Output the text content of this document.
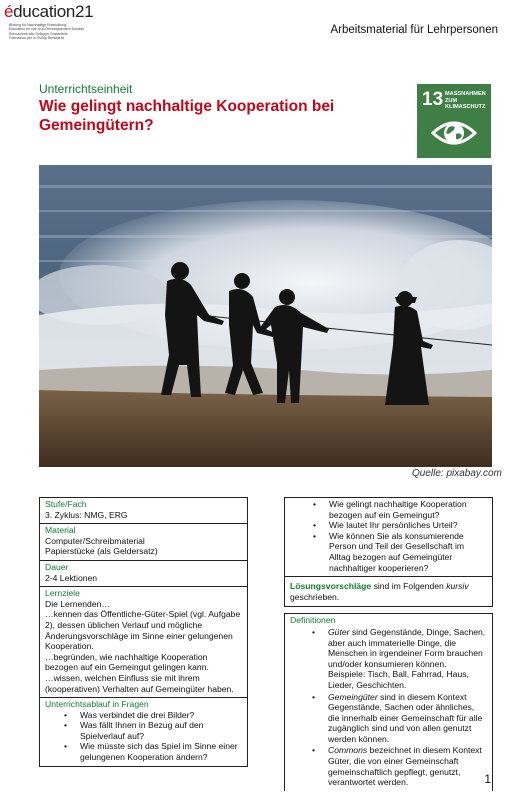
éducation21
Bildung für Nachhaltige Entwicklung
Education en vue d'un Développement Durable
Educazione allo Sviluppo Sostenibile
Formaziun per in Svilup Persistent
Arbeitsmaterial für Lehrpersonen
Unterrichtseinheit
Wie gelingt nachhaltige Kooperation bei Gemeingütern?
13 MASSNAHMEN ZUM KLIMASCHUTZ
Quelle: pixabay.com
Stufe/Fach
3. Zyklus: NMG, ERG
Material
Computer/Schreibmaterial
Papierstücke (als Geldersatz)
Dauer
2-4 Lektionen
Lernziele
Die Lernenden…
…kennen das Öffentliche-Güter-Spiel (vgl. Aufgabe 2), dessen üblichen Verlauf und mögliche Änderungsvorschläge im Sinne einer gelungenen Kooperation.
…begründen, wie nachhaltige Kooperation bezogen auf ein Gemeingut gelingen kann.
…wissen, welchen Einfluss sie mit ihrem (kooperativen) Verhalten auf Gemeingüter haben.
Unterrichtsablauf in Fragen
• Was verbindet die drei Bilder?
• Was fällt Ihnen in Bezug auf den Spielverlauf auf?
• Wie müsste sich das Spiel im Sinne einer gelungenen Kooperation ändern?
• Wie gelingt nachhaltige Kooperation bezogen auf ein Gemeingut?
• Wie lautet Ihr persönliches Urteil?
• Wie können Sie als konsumierende Person und Teil der Gesellschaft im Alltag bezogen auf Gemeingüter nachhaltiger kooperieren?
Lösungsvorschläge sind im Folgenden kursiv geschrieben.
Definitionen
• Güter sind Gegenstände, Dinge, Sachen, aber auch immaterielle Dinge, die Menschen in irgendeiner Form brauchen und/oder konsumieren können.
Beispiele: Tisch, Ball, Fahrrad, Haus, Lieder, Geschichten.
• Gemeingüter sind in diesem Kontext Gegenstände, Sachen oder ähnliches, die innerhalb einer Gemeinschaft für alle zugänglich sind und von allen genutzt werden können.
• Commons bezeichnet in diesem Kontext Güter, die von einer Gemeinschaft gemeinschaftlich gepflegt, genutzt, verantwortet werden.	1
